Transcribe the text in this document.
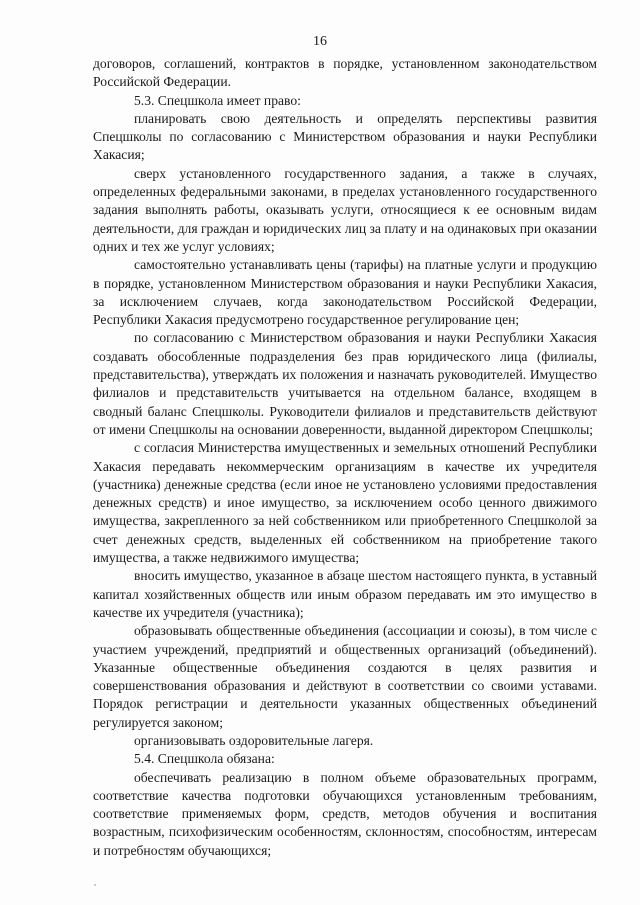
16

договоров, соглашений, контрактов в порядке, установленном законодательством Российской Федерации.

5.3. Спецшкола имеет право:

планировать свою деятельность и определять перспективы развития Спецшколы по согласованию с Министерством образования и науки Республики Хакасия;

сверх установленного государственного задания, а также в случаях, определенных федеральными законами, в пределах установленного государственного задания выполнять работы, оказывать услуги, относящиеся к ее основным видам деятельности, для граждан и юридических лиц за плату и на одинаковых при оказании одних и тех же услуг условиях;

самостоятельно устанавливать цены (тарифы) на платные услуги и продукцию в порядке, установленном Министерством образования и науки Республики Хакасия, за исключением случаев, когда законодательством Российской Федерации, Республики Хакасия предусмотрено государственное регулирование цен;

по согласованию с Министерством образования и науки Республики Хакасия создавать обособленные подразделения без прав юридического лица (филиалы, представительства), утверждать их положения и назначать руководителей. Имущество филиалов и представительств учитывается на отдельном балансе, входящем в сводный баланс Спецшколы. Руководители филиалов и представительств действуют от имени Спецшколы на основании доверенности, выданной директором Спецшколы;

с согласия Министерства имущественных и земельных отношений Республики Хакасия передавать некоммерческим организациям в качестве их учредителя (участника) денежные средства (если иное не установлено условиями предоставления денежных средств) и иное имущество, за исключением особо ценного движимого имущества, закрепленного за ней собственником или приобретенного Спецшколой за счет денежных средств, выделенных ей собственником на приобретение такого имущества, а также недвижимого имущества;

вносить имущество, указанное в абзаце шестом настоящего пункта, в уставный капитал хозяйственных обществ или иным образом передавать им это имущество в качестве их учредителя (участника);

образовывать общественные объединения (ассоциации и союзы), в том числе с участием учреждений, предприятий и общественных организаций (объединений). Указанные общественные объединения создаются в целях развития и совершенствования образования и действуют в соответствии со своими уставами. Порядок регистрации и деятельности указанных общественных объединений регулируется законом;

организовывать оздоровительные лагеря.

5.4. Спецшкола обязана:

обеспечивать реализацию в полном объеме образовательных программ, соответствие качества подготовки обучающихся установленным требованиям, соответствие применяемых форм, средств, методов обучения и воспитания возрастным, психофизическим особенностям, склонностям, способностям, интересам и потребностям обучающихся;
